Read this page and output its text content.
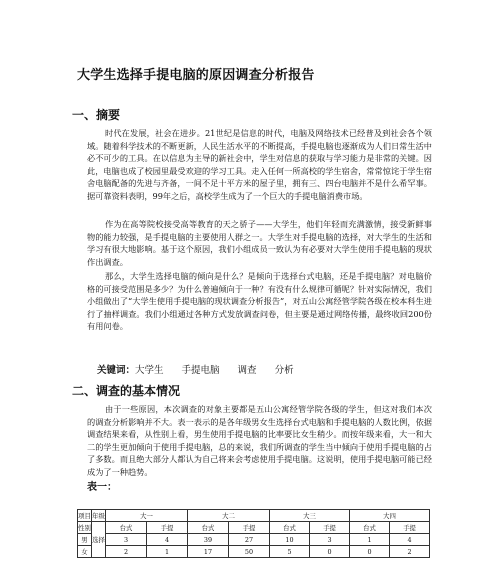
大学生选择手提电脑的原因调查分析报告
一、摘要

时代在发展，社会在进步。21世纪是信息的时代，电脑及网络技术已经普及到社会各个领域。随着科学技术的不断更新，人民生活水平的不断提高，手提电脑也逐渐成为人们日常生活中必不可少的工具。在以信息为主导的新社会中，学生对信息的获取与学习能力是非常的关键。因此，电脑也成了校园里最受欢迎的学习工具。走入任何一所高校的学生宿舍，常常惊诧于学生宿舍电脑配备的先进与齐备，一间不足十平方米的屋子里，拥有三、四台电脑并不是什么希罕事。据可靠资料表明，99年之后，高校学生成为了一个巨大的手提电脑消费市场。

作为在高等院校接受高等教育的天之骄子——大学生，他们年轻而充满激情，接受新鲜事物的能力较强，是手提电脑的主要使用人群之一。大学生对手提电脑的选择，对大学生的生活和学习有很大地影响。基于这个原因，我们小组成员一致认为有必要对大学生使用手提电脑的现状作出调查。

那么，大学生选择电脑的倾向是什么？是倾向于选择台式电脑，还是手提电脑？对电脑价格的可接受范围是多少？为什么普遍倾向于一种？有没有什么规律可循呢？针对实际情况，我们小组做出了“大学生使用手提电脑的现状调查分析报告”，对五山公寓经管学院各级在校本科生进行了抽样调查。我们小组通过各种方式发放调查问卷，但主要是通过网络传播，最终收回200份有用问卷。

关键词：大学生 手提电脑 调查 分析
二、调查的基本情况

由于一些原因，本次调查的对象主要都是五山公寓经管学院各级的学生，但这对我们本次的调查分析影响并不大。表一表示的是各年级男女生选择台式电脑和手提电脑的人数比例，依据调查结果来看，从性别上看，男生使用手提电脑的比率要比女生稍少。而按年级来看，大一和大二的学生更加倾向于使用手提电脑，总的来说，我们所调查的学生当中倾向于使用手提电脑的占了多数。而且绝大部分人都认为自己将来会考虑使用手提电脑。这说明，使用手提电脑可能已经成为了一种趋势。

表一：
项目	年级	大一		大二		大三		大四	
性别	选择	台式	手提	台式	手提	台式	手提	台式	手提
男		3	4	39	27	10	3	1	4
女		2	1	17	50	5	0	0	2
